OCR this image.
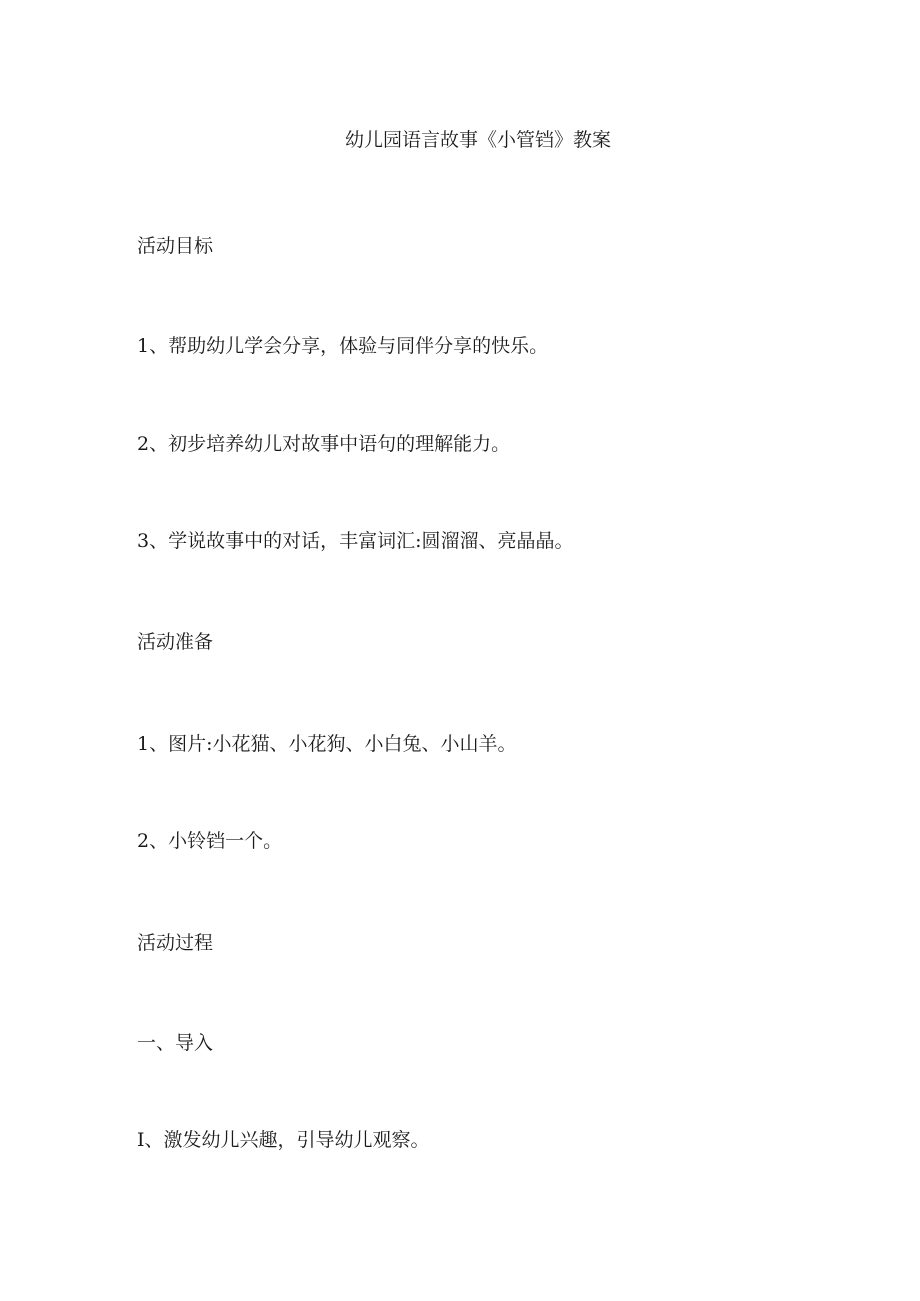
幼儿园语言故事《小管铛》教案
活动目标
1、帮助幼儿学会分享，体验与同伴分享的快乐。
2、初步培养幼儿对故事中语句的理解能力。
3、学说故事中的对话，丰富词汇:圆溜溜、亮晶晶。
活动准备
1、图片:小花猫、小花狗、小白兔、小山羊。
2、小铃铛一个。
活动过程
一、导入
I、激发幼儿兴趣，引导幼儿观察。
